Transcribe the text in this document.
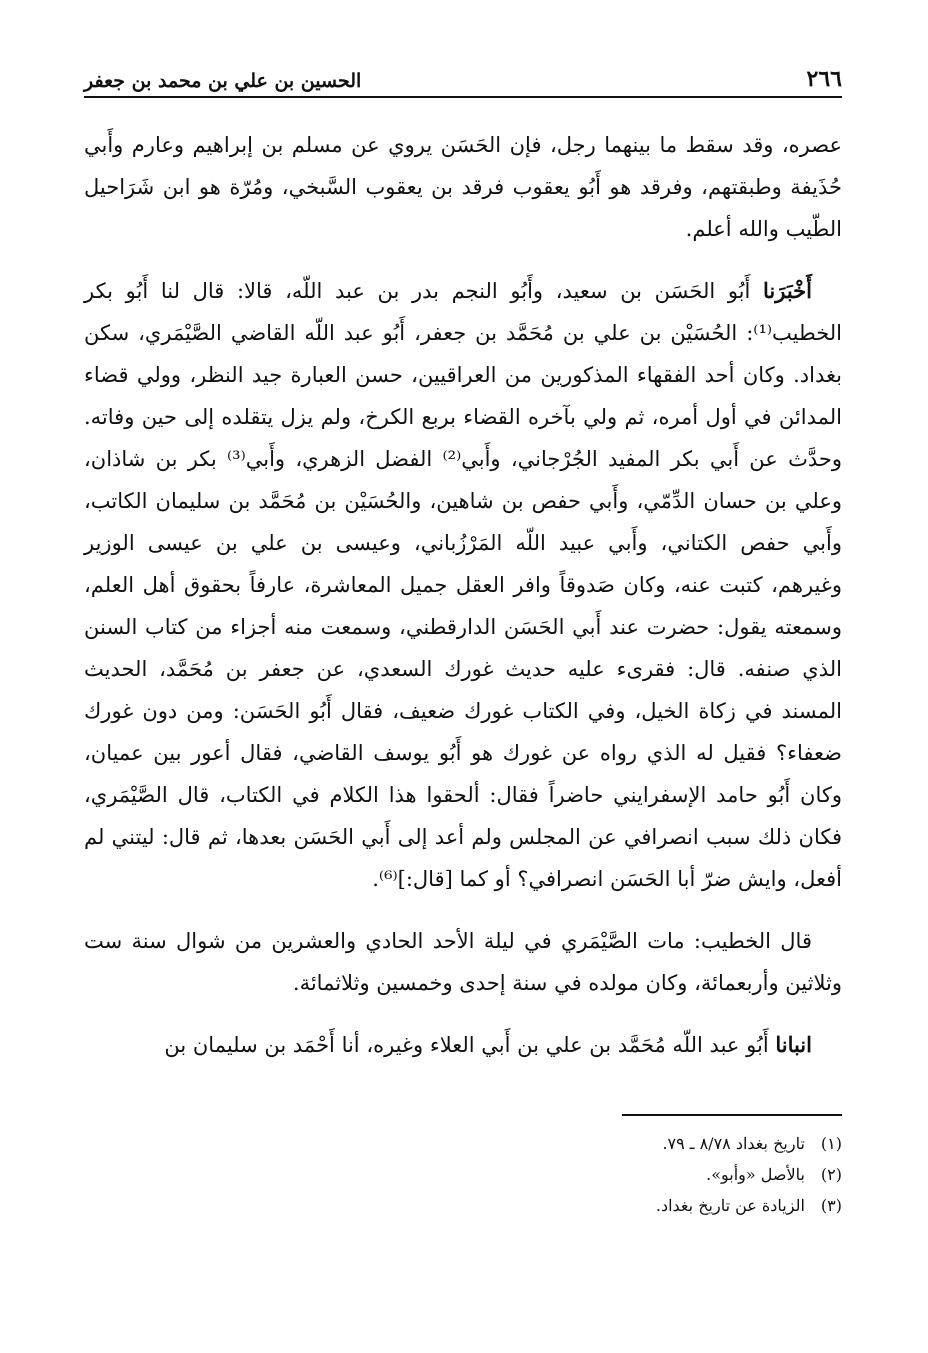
٢٦٦
الحسين بن علي بن محمد بن جعفر

عصره، وقد سقط ما بينهما رجل، فإن الحَسَن يروي عن مسلم بن إبراهيم وعارم وأَبي حُذَيفة وطبقتهم، وفرقد هو أَبُو يعقوب فرقد بن يعقوب السَّبخي، ومُرّة هو ابن شَرَاحيل الطّيب والله أعلم.

أَخْبَرَنا أَبُو الحَسَن بن سعيد، وأَبُو النجم بدر بن عبد اللّه، قالا: قال لنا أَبُو بكر الخطيب⁽¹⁾: الحُسَيْن بن علي بن مُحَمَّد بن جعفر، أَبُو عبد اللّه القاضي الصَّيْمَري، سكن بغداد. وكان أحد الفقهاء المذكورين من العراقيين، حسن العبارة جيد النظر، وولي قضاء المدائن في أول أمره، ثم ولي بآخره القضاء بربع الكرخ، ولم يزل يتقلده إلى حين وفاته. وحدَّث عن أَبي بكر المفيد الجُرْجاني، وأَبي⁽²⁾ الفضل الزهري، وأَبي⁽³⁾ بكر بن شاذان، وعلي بن حسان الدِّمّي، وأَبي حفص بن شاهين، والحُسَيْن بن مُحَمَّد بن سليمان الكاتب، وأَبي حفص الكتاني، وأَبي عبيد اللّه المَرْزُباني، وعيسى بن علي بن عيسى الوزير وغيرهم، كتبت عنه، وكان صَدوقاً وافر العقل جميل المعاشرة، عارفاً بحقوق أهل العلم، وسمعته يقول: حضرت عند أَبي الحَسَن الدارقطني، وسمعت منه أجزاء من كتاب السنن الذي صنفه. قال: فقرىء عليه حديث غورك السعدي، عن جعفر بن مُحَمَّد، الحديث المسند في زكاة الخيل، وفي الكتاب غورك ضعيف، فقال أَبُو الحَسَن: ومن دون غورك ضعفاء؟ فقيل له الذي رواه عن غورك هو أَبُو يوسف القاضي، فقال أعور بين عميان، وكان أَبُو حامد الإسفرايني حاضراً فقال: ألحقوا هذا الكلام في الكتاب، قال الصَّيْمَري، فكان ذلك سبب انصرافي عن المجلس ولم أعد إلى أَبي الحَسَن بعدها، ثم قال: ليتني لم أفعل، وايش ضرّ أبا الحَسَن انصرافي؟ أو كما [قال:]⁽⁶⁾.

قال الخطيب: مات الصَّيْمَري في ليلة الأحد الحادي والعشرين من شوال سنة ست وثلاثين وأربعمائة، وكان مولده في سنة إحدى وخمسين وثلاثمائة.

انبانا أَبُو عبد اللّه مُحَمَّد بن علي بن أَبي العلاء وغيره، أنا أَحْمَد بن سليمان بن

(١) تاريخ بغداد ٨/٧٨ ـ ٧٩.
(٢) بالأصل «وأبو».
(٣) الزيادة عن تاريخ بغداد.
